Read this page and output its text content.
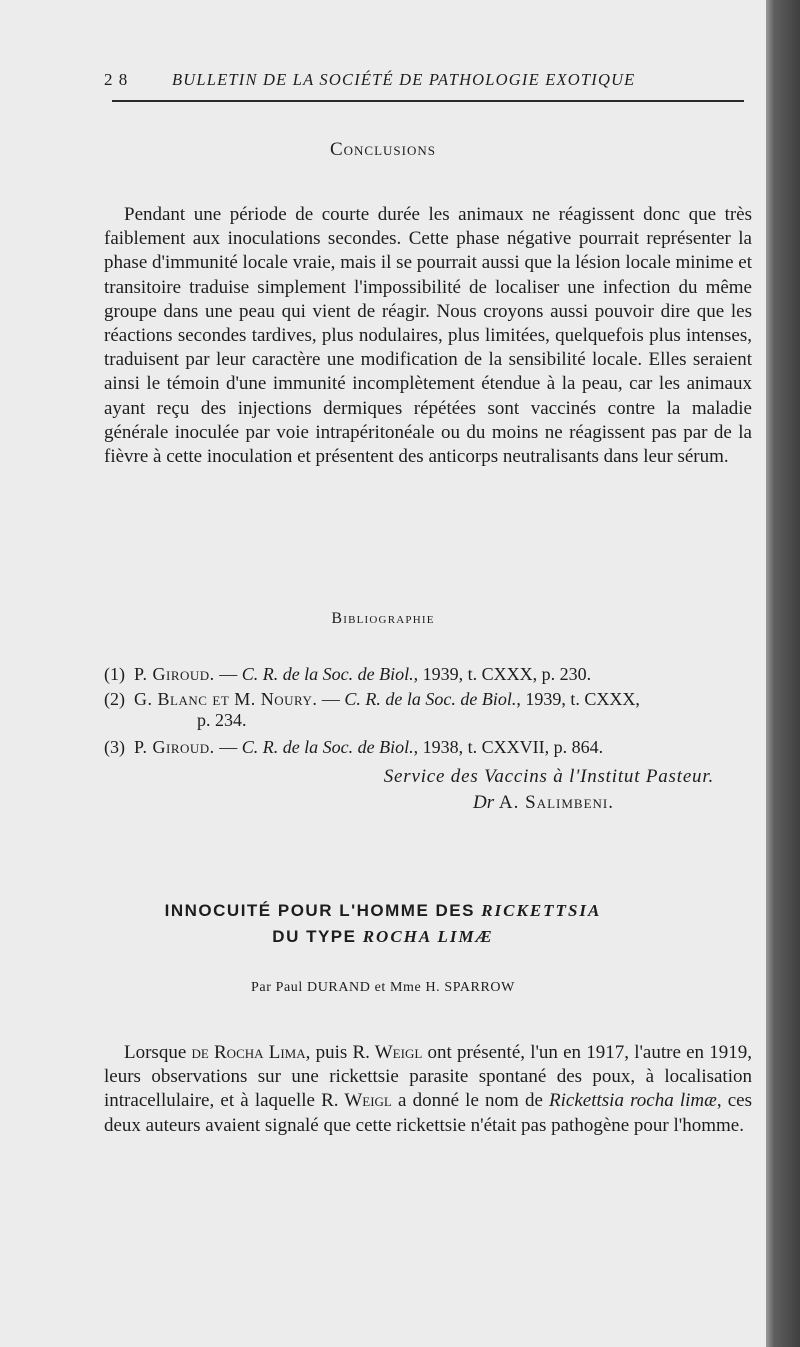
2 8	BULLETIN DE LA SOCIÉTÉ DE PATHOLOGIE EXOTIQUE
Conclusions

Pendant une période de courte durée les animaux ne réagissent donc que très faiblement aux inoculations secondes. Cette phase négative pourrait représenter la phase d'immunité locale vraie, mais il se pourrait aussi que la lésion locale minime et transitoire traduise simplement l'impossibilité de localiser une infection du même groupe dans une peau qui vient de réagir. Nous croyons aussi pouvoir dire que les réactions secondes tardives, plus nodulaires, plus limitées, quelquefois plus intenses, traduisent par leur caractère une modification de la sensibilité locale. Elles seraient ainsi le témoin d'une immunité incomplètement étendue à la peau, car les animaux ayant reçu des injections dermiques répétées sont vaccinés contre la maladie générale inoculée par voie intrapéritonéale ou du moins ne réagissent pas par de la fièvre à cette inoculation et présentent des anticorps neutralisants dans leur sérum.

Bibliographie
(1) P. Giroud. — C. R. de la Soc. de Biol., 1939, t. CXXX, p. 230.
(2) G. Blanc et M. Noury. — C. R. de la Soc. de Biol., 1939, t. CXXX,
p. 234.
(3) P. Giroud. — C. R. de la Soc. de Biol., 1938, t. CXXVII, p. 864.
Service des Vaccins à l'Institut Pasteur.
Dr A. Salimbeni.
INNOCUITÉ POUR L'HOMME DES RICKETTSIA
DU TYPE ROCHA LIMÆ
Par Paul DURAND et Mme H. SPARROW

Lorsque de Rocha Lima, puis R. Weigl ont présenté, l'un en 1917, l'autre en 1919, leurs observations sur une rickettsie parasite spontané des poux, à localisation intracellulaire, et à laquelle R. Weigl a donné le nom de Rickettsia rocha limæ, ces deux auteurs avaient signalé que cette rickettsie n'était pas pathogène pour l'homme.
